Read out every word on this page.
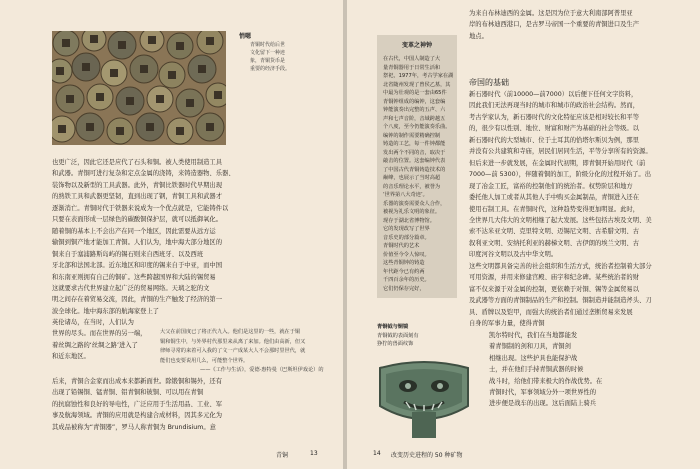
悄嗯
青铜时代给后世
文化留下一种迹
象，青铜货币是
重要的经济手段。
也更广泛，因此它还是应代了石头和铜。被人类使用制造工具
和武器。青铜可进行复杂和定点金属的浇铸，来铸造器物、乐器、
装饰物以及新型的工具武器。此外，青铜比铁器时代早期出现
的熟铁工具和武器更坚韧，直到出现了钢，青铜工具和武器才
逐渐消亡。青铜时代于铁器来说成为一个优点就是，它能铸件以
只要在表面形成一层绿色的碳酸铜保护层，就可以抵御氧化。
随着铜的基本上不会出产在同一个地区，因此需要从远方运
输铜到铜产地才能加工青铜。人们认为，地中海大部分地区的
铜来自于塞浦路斯岛屿的锡石则来自西班牙、以及西班
牙北部和法国北部。近东地区和印度的锡来自于中亚，而中国
和东南亚则拥有自己的铜矿。这些跨越国界和大陆的锡贸易
这就要求古代世界建立起广泛的贸易网络。天璃之驼的文
明之间存在着贸易交流，因此，青铜的生产触发了经济的第一
波全球化。地中海东部的航海家登上了
英伦诸岛，在当时，人们认为
世界的尽头。而在世界的另一端，
着丝绸之路的‘丝绸之路’进入了
和近东地区。
大父在前国度已了将正代九入。他们是这里的一些，就在于铜
铜和铜生中，与外界村代那里来从离了来加。他们由高新，但又
律师寻常的来着可入我的了文一产成某大人不会那时里世代，就
能们也变要说用几么，可能整个世界。
——《工作与生活》，爱德·惠特曼（巴斯坦伊戏论）的
后来，青铜合金家而出成本来都新面世。除锻铜和锡外，还有
出现了铅锡铜、锰青铜、铝青铜和铍铜、可以用在青铜
的抗腐蚀性和良好的导电性，广泛应用于生活用品、工业、军
事及航海领域。青铜的应用就是构建合成材料，因其多元化为
其成品被称为“青铜器”，罗马人称青铜为 Brundisium。意
青铜	13
为来自布林迪西的金属。这是因为位于意大利南部阿普里亚
岸的布林迪西港口，是古罗马帝国一个重要的青铜进口及生产
地点。
变革之神钟
在古代，中国人制造了大
量青铜器用于日常生活和
祭祀，1977年，考古学家在湖
北省随州发现了曾侯乙墓，其
中最为壮观的是一套由65件
青铜钟组成的编钟，这套编
钟能演奏出完整的五声、六
声和七声音阶，音域跨越五
个八度，至今仍能演奏乐曲。
编钟的制作需要精确控制
铸造的工艺，每一件钟都能
发出两个不同的音，取决于
敲击的位置。这套编钟代表
了中国古代青铜铸造技术的
巅峰，也展示了当时高超
的音乐理论水平，被誉为
‘世界第八大奇迹’。
乐器的演奏需要众人合作，
被视为礼乐文明的象征。
现存于湖北省博物馆。
它的发现改写了世界
音乐史的部分篇章。
青铜时代的艺术
价值至今令人惊叹。
这些青铜钟的铸造
年代距今已有约两
千四百余年的历史。
它们仍保存完好，
帝国的基础
新石器时代（前10000—前7000）以后便下任何文字资料，
因此我们无法再现当时的城市和城市的政治社会结构。然而，
考古学家认为，新石器时代的文化特征应该是相对较长和平等
的，很少有以性别、地位、财富和财产为基础的社会等级。以
新石器时代的大型城市、位于土耳其的恰塔尔斯贝为例，那里
并没有公共建筑和寺庙，居民们居同生活，平等分享所有的资源。
但后来进一步就发展，在金属时代初期，即青铜开始用时代（前
7000—前 5300），伴随着铜的加工，阶级分化的过程开始了。出
现了冶金工匠，富裕的控制他们的统治者。权势阶层和地方
委托他人加工或者从其他人手中购买金属制品，青铜进入还在
使用石制工具。在青铜时代，这种趋势变得更加明显。此时，
全世界几大伟大的文明相继了起大发展。这些包括古埃及文明、美
索不达米亚文明、克里特文明、迈锡尼文明、古希腊文明、古
叙利亚文明、安纳托利亚的赫梯文明、古伊朗的埃兰文明、古
印度河谷文明以及古中华文明。
这些文明都具备完善的社会组织和生活方式，统治者控制着大部分
可用资源，并用来修建宫殿、庙宇和纪念碑。某些统治者的财
富不仅来源于对金属的控制，更依赖于对铜、锡等金属贸易以
及武器等方面的青铜制品的生产和控制。铜制造并能制造斧头、刀
具、盾牌以及铠甲，而强大的统治者们通过垄断贸易来发展
自身的军事力量，使得青铜
凯尔特时代，我们在当地都能发
着青铜制的剑和刀具，青铜剑
相继出现。这些护具也能保护战
士，并在他们手持青铜武器的时候
战斗时，给他们带来极大的作战优势。在
青铜时代，军事领域分外一项世界性的
进步便是战车的出现。这后面陆上骑兵
青铜钺与铜镜
青铜钺的表面刻有
狰狞的兽面纹饰
14 改变历史进程的 50 种矿物
